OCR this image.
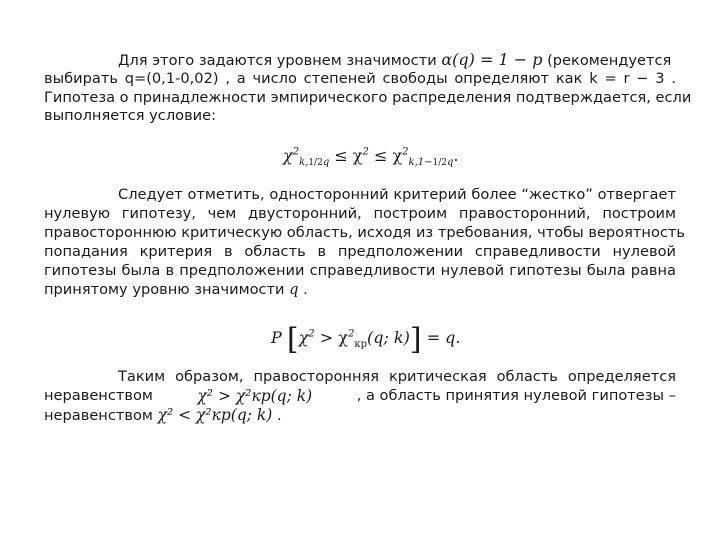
Для этого задаются уровнем значимости α(q) = 1 − p (рекомендуется
выбирать q=(0,1-0,02) , а число степеней свободы определяют как k = r − 3 .
Гипотеза о принадлежности эмпирического распределения подтверждается, если
выполняется условие:
$\chi^2_{k,1/2q} \le \chi^2 \le \chi^2_{k,1-1/2q}$.
Следует отметить, односторонний критерий более “жестко” отвергает
нулевую гипотезу, чем двусторонний, построим правосторонний, построим
правостороннюю критическую область, исходя из требования, чтобы вероятность
попадания критерия в область в предположении справедливости нулевой
гипотезы была в предположении справедливости нулевой гипотезы была равна
принятому уровню значимости q .
P [$\chi^2 > \chi^2_{кр}(q$; k)] = q.
Таким образом, правосторонняя критическая область определяется
неравенством	χ² > χ²кр(q; k)	, а область принятия нулевой гипотезы –
неравенством χ² < χ²кр(q; k) .
